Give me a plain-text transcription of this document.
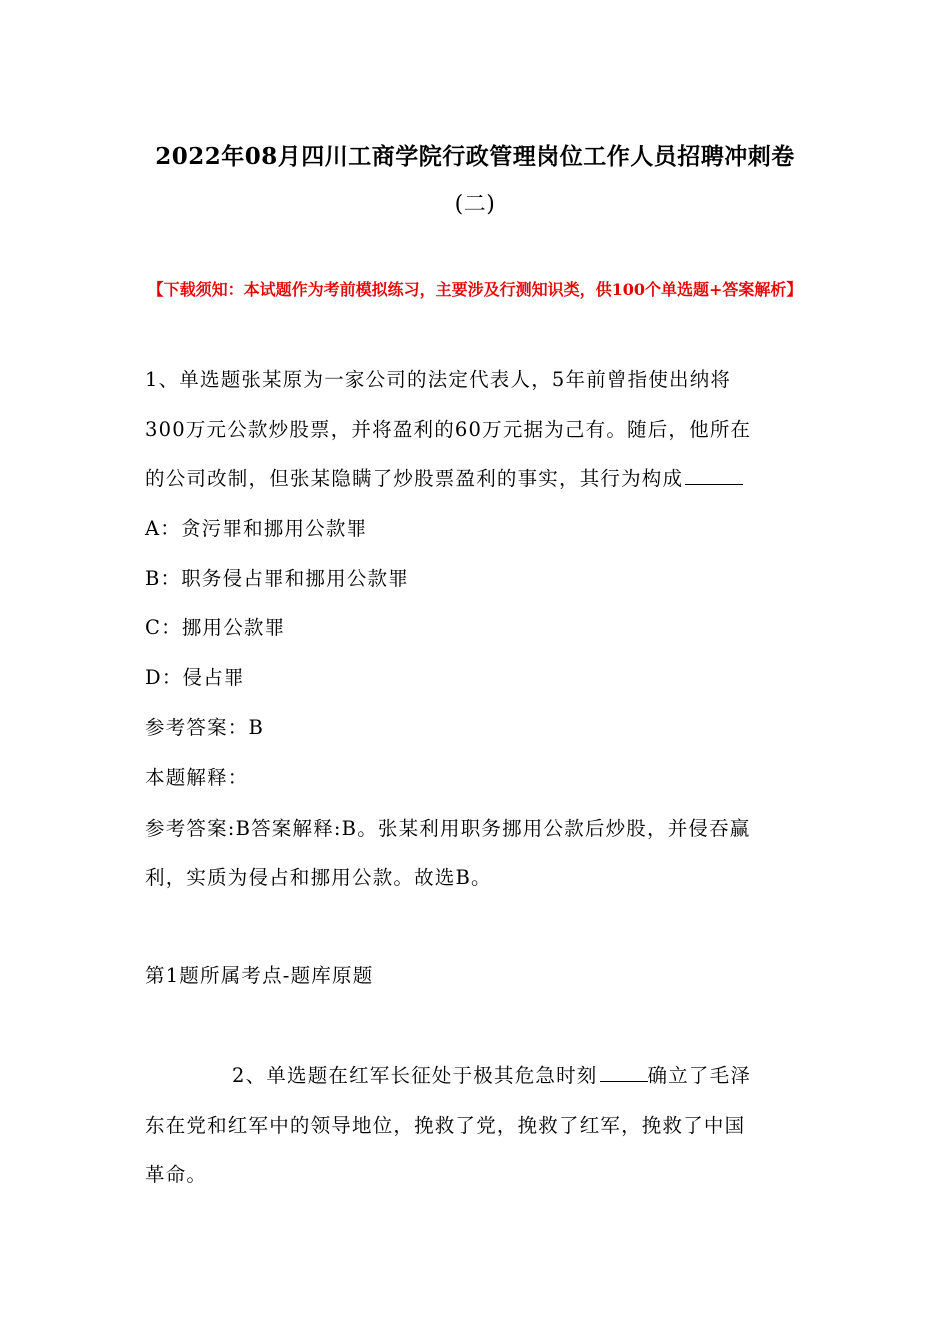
2022年08月四川工商学院行政管理岗位工作人员招聘冲刺卷
(二)
【下载须知：本试题作为考前模拟练习，主要涉及行测知识类，供100个单选题+答案解析】
1、单选题张某原为一家公司的法定代表人，5年前曾指使出纳将
300万元公款炒股票，并将盈利的60万元据为己有。随后，他所在
的公司改制，但张某隐瞒了炒股票盈利的事实，其行为构成
A：贪污罪和挪用公款罪
B：职务侵占罪和挪用公款罪
C：挪用公款罪
D：侵占罪
参考答案：B
本题解释：
参考答案:B答案解释:B。张某利用职务挪用公款后炒股，并侵吞赢
利，实质为侵占和挪用公款。故选B。
第1题所属考点-题库原题
2、单选题在红军长征处于极其危急时刻	确立了毛泽
东在党和红军中的领导地位，挽救了党，挽救了红军，挽救了中国
革命。
